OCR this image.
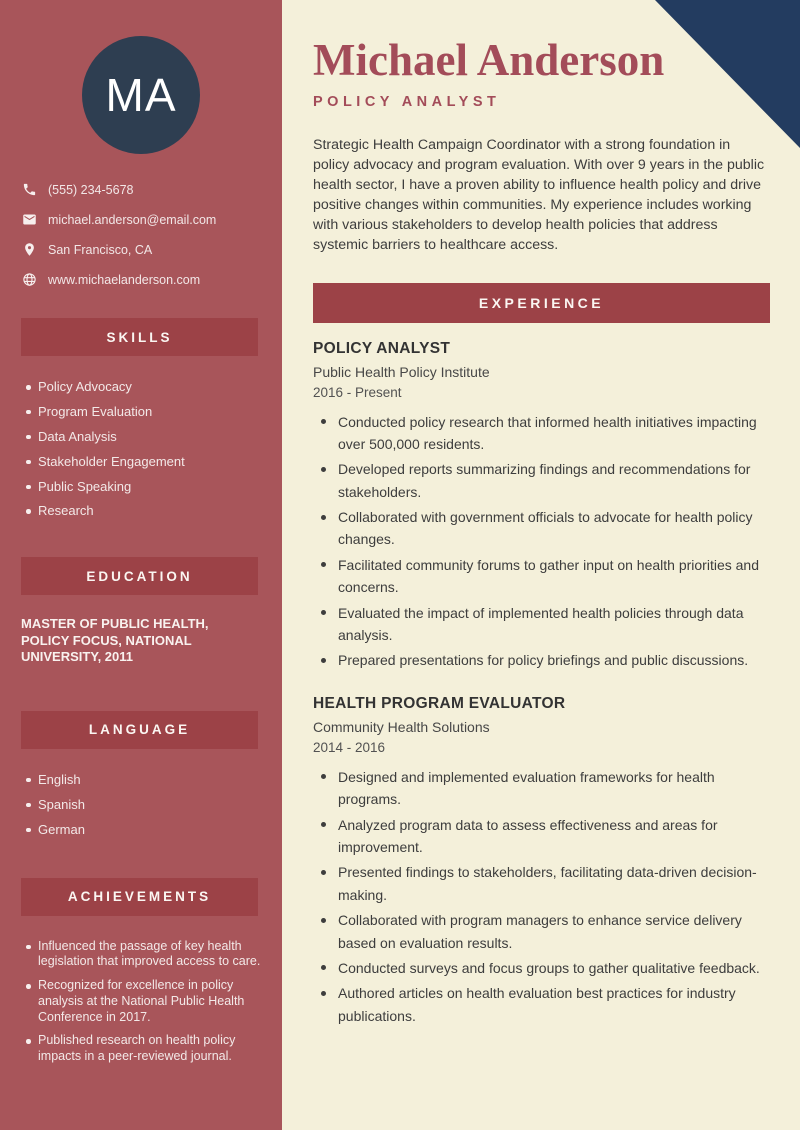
MA
(555) 234-5678
michael.anderson@email.com
San Francisco, CA
www.michaelanderson.com
SKILLS
Policy Advocacy
Program Evaluation
Data Analysis
Stakeholder Engagement
Public Speaking
Research
EDUCATION
MASTER OF PUBLIC HEALTH, POLICY FOCUS, NATIONAL UNIVERSITY, 2011
LANGUAGE
English
Spanish
German
ACHIEVEMENTS
Influenced the passage of key health legislation that improved access to care.
Recognized for excellence in policy analysis at the National Public Health Conference in 2017.
Published research on health policy impacts in a peer-reviewed journal.
Michael Anderson
POLICY ANALYST

Strategic Health Campaign Coordinator with a strong foundation in policy advocacy and program evaluation. With over 9 years in the public health sector, I have a proven ability to influence health policy and drive positive changes within communities. My experience includes working with various stakeholders to develop health policies that address systemic barriers to healthcare access.

EXPERIENCE
POLICY ANALYST
Public Health Policy Institute
2016 - Present
Conducted policy research that informed health initiatives impacting over 500,000 residents.
Developed reports summarizing findings and recommendations for stakeholders.
Collaborated with government officials to advocate for health policy changes.
Facilitated community forums to gather input on health priorities and concerns.
Evaluated the impact of implemented health policies through data analysis.
Prepared presentations for policy briefings and public discussions.
HEALTH PROGRAM EVALUATOR
Community Health Solutions
2014 - 2016
Designed and implemented evaluation frameworks for health programs.
Analyzed program data to assess effectiveness and areas for improvement.
Presented findings to stakeholders, facilitating data-driven decision-making.
Collaborated with program managers to enhance service delivery based on evaluation results.
Conducted surveys and focus groups to gather qualitative feedback.
Authored articles on health evaluation best practices for industry publications.
